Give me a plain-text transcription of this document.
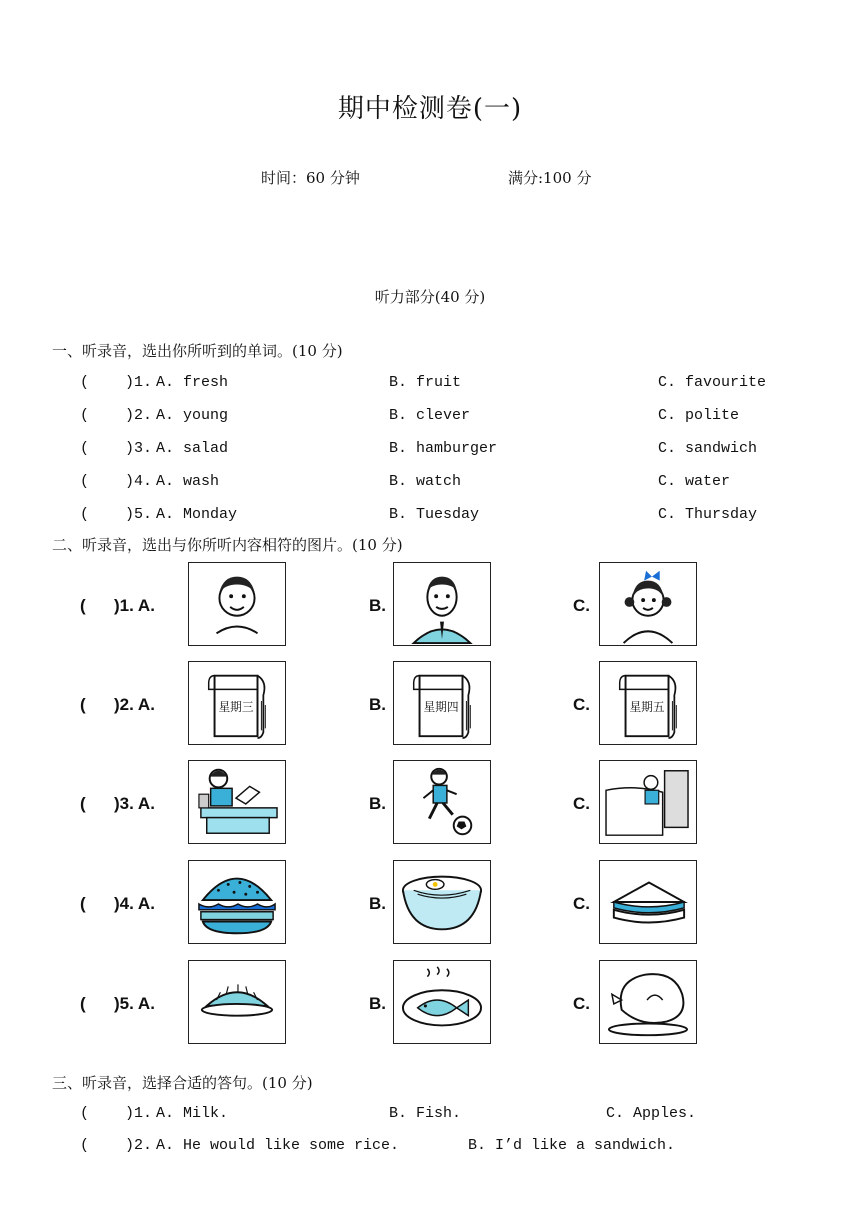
期中检测卷(一)
时间：60 分钟	满分:100 分
听力部分(40 分)
一、听录音，选出你所听到的单词。(10 分)
(    )1. A. fresh	B. fruit	C. favourite
(    )2. A. young	B. clever	C. polite
(    )3. A. salad	B. hamburger	C. sandwich
(    )4. A. wash	B. watch	C. water
(    )5. A. Monday	B. Tuesday	C. Thursday
二、听录音，选出与你所听内容相符的图片。(10 分)
(      )1. A.	B.	C.
(      )2. A.	B.	C.
星期三	星期四	星期五
(      )3. A.	B.	C.
(      )4. A.	B.	C.
(      )5. A.	B.	C.
三、听录音，选择合适的答句。(10 分)
(    )1. A. Milk.	B. Fish.	C. Apples.
(    )2. A. He would like some rice.	B. I’d like a sandwich.
